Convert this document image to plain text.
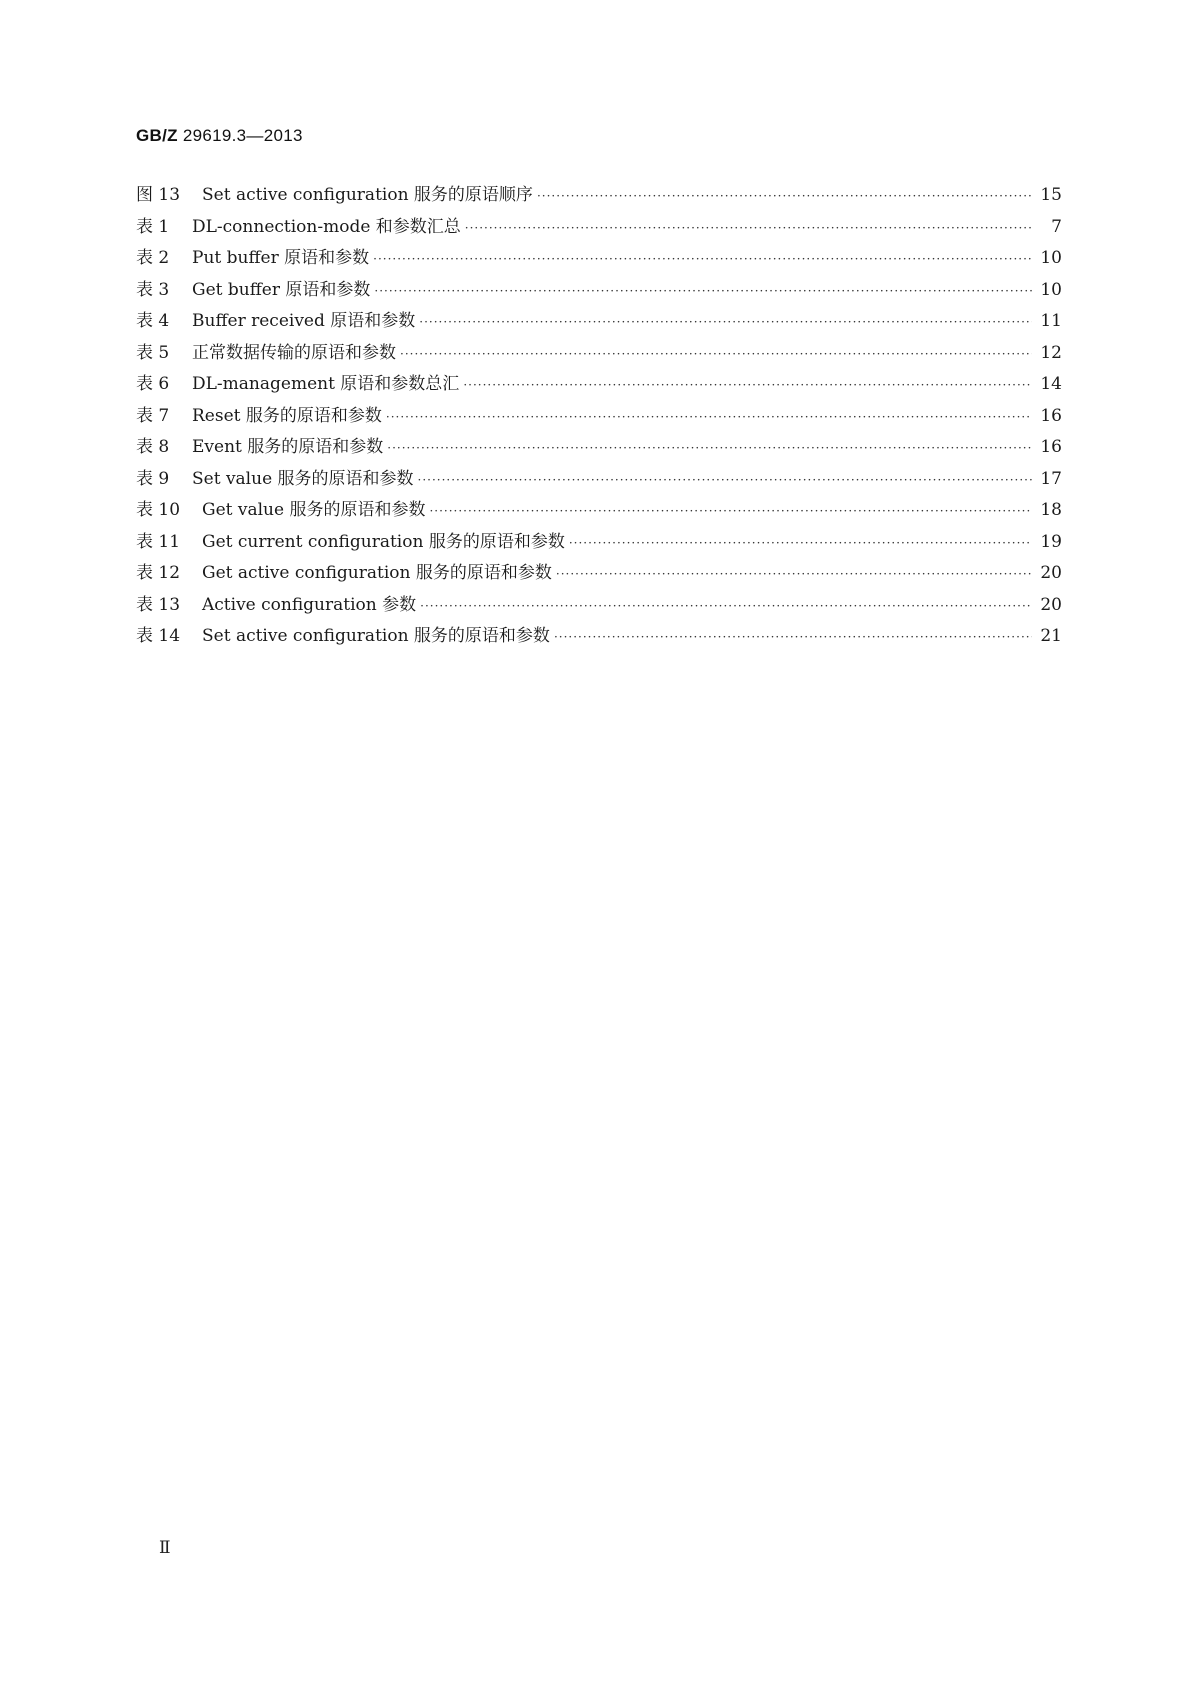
GB/Z 29619.3—2013
图 13	Set active configuration 服务的原语顺序 ·····	15
表 1	DL-connection-mode 和参数汇总 ·····	7
表 2	Put buffer 原语和参数 ·····	10
表 3	Get buffer 原语和参数 ·····	10
表 4	Buffer received 原语和参数 ·····	11
表 5	正常数据传输的原语和参数 ·····	12
表 6	DL-management 原语和参数总汇 ·····	14
表 7	Reset 服务的原语和参数 ·····	16
表 8	Event 服务的原语和参数 ·····	16
表 9	Set value 服务的原语和参数 ·····	17
表 10	Get value 服务的原语和参数 ·····	18
表 11	Get current configuration 服务的原语和参数 ·····	19
表 12	Get active configuration 服务的原语和参数 ·····	20
表 13	Active configuration 参数 ·····	20
表 14	Set active configuration 服务的原语和参数 ·····	21
Ⅱ
